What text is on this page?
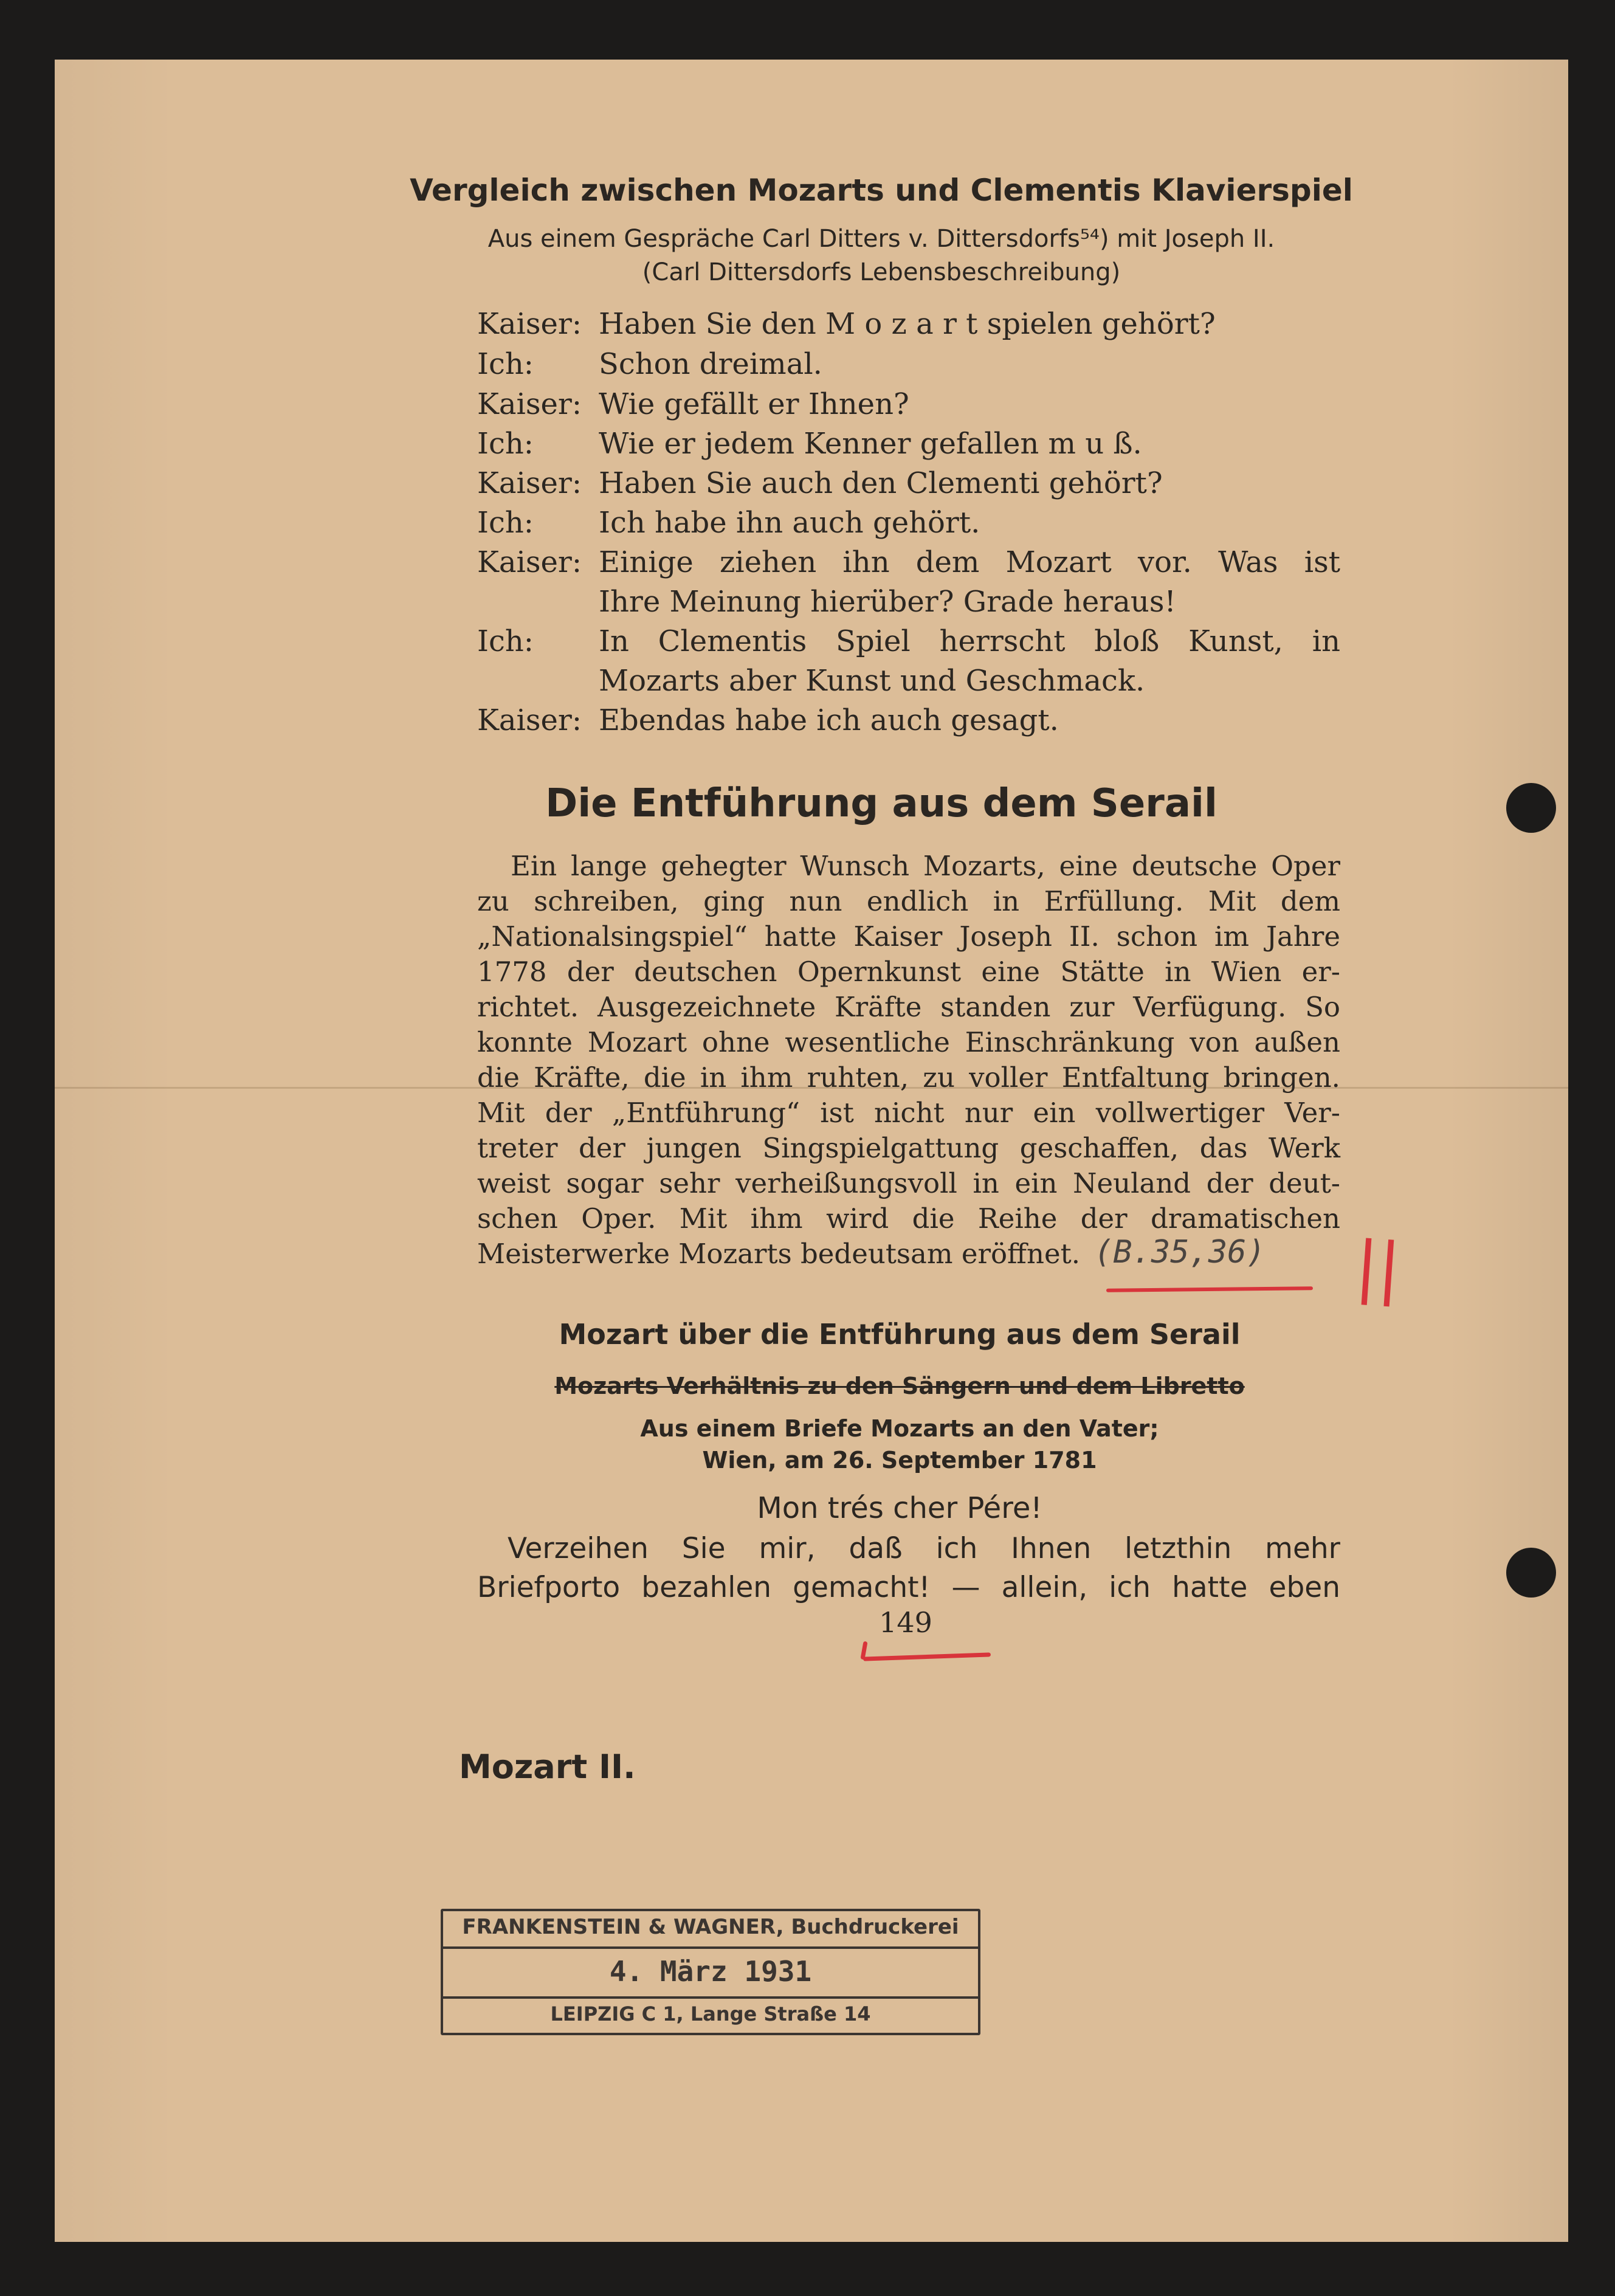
Vergleich zwischen Mozarts und Clementis Klavierspiel
Aus einem Gespräche Carl Ditters v. Dittersdorfs⁵⁴) mit Joseph II.
(Carl Dittersdorfs Lebensbeschreibung)
Kaiser: Haben Sie den M o z a r t spielen gehört?
Ich: Schon dreimal.
Kaiser: Wie gefällt er Ihnen?
Ich: Wie er jedem Kenner gefallen m u ß.
Kaiser: Haben Sie auch den Clementi gehört?
Ich: Ich habe ihn auch gehört.
Kaiser: Einige ziehen ihn dem Mozart vor. Was ist
Ihre Meinung hierüber? Grade heraus!
Ich: In Clementis Spiel herrscht bloß Kunst, in
Mozarts aber Kunst und Geschmack.
Kaiser: Ebendas habe ich auch gesagt.
Die Entführung aus dem Serail
Ein lange gehegter Wunsch Mozarts, eine deutsche Oper
zu schreiben, ging nun endlich in Erfüllung. Mit dem
„Nationalsingspiel“ hatte Kaiser Joseph II. schon im Jahre
1778 der deutschen Opernkunst eine Stätte in Wien er-
richtet. Ausgezeichnete Kräfte standen zur Verfügung. So
konnte Mozart ohne wesentliche Einschränkung von außen
die Kräfte, die in ihm ruhten, zu voller Entfaltung bringen.
Mit der „Entführung“ ist nicht nur ein vollwertiger Ver-
treter der jungen Singspielgattung geschaffen, das Werk
weist sogar sehr verheißungsvoll in ein Neuland der deut-
schen Oper. Mit ihm wird die Reihe der dramatischen
Meisterwerke Mozarts bedeutsam eröffnet. (B.35,36) ||
Mozart über die Entführung aus dem Serail
Mozarts Verhältnis zu den Sängern und dem Libretto
Aus einem Briefe Mozarts an den Vater;
Wien, am 26. September 1781
Mon trés cher Pére!
Verzeihen Sie mir, daß ich Ihnen letzthin mehr
Briefporto bezahlen gemacht! — allein, ich hatte eben
149
Mozart II.
FRANKENSTEIN & WAGNER, Buchdruckerei
4. März 1931
LEIPZIG C 1, Lange Straße 14
